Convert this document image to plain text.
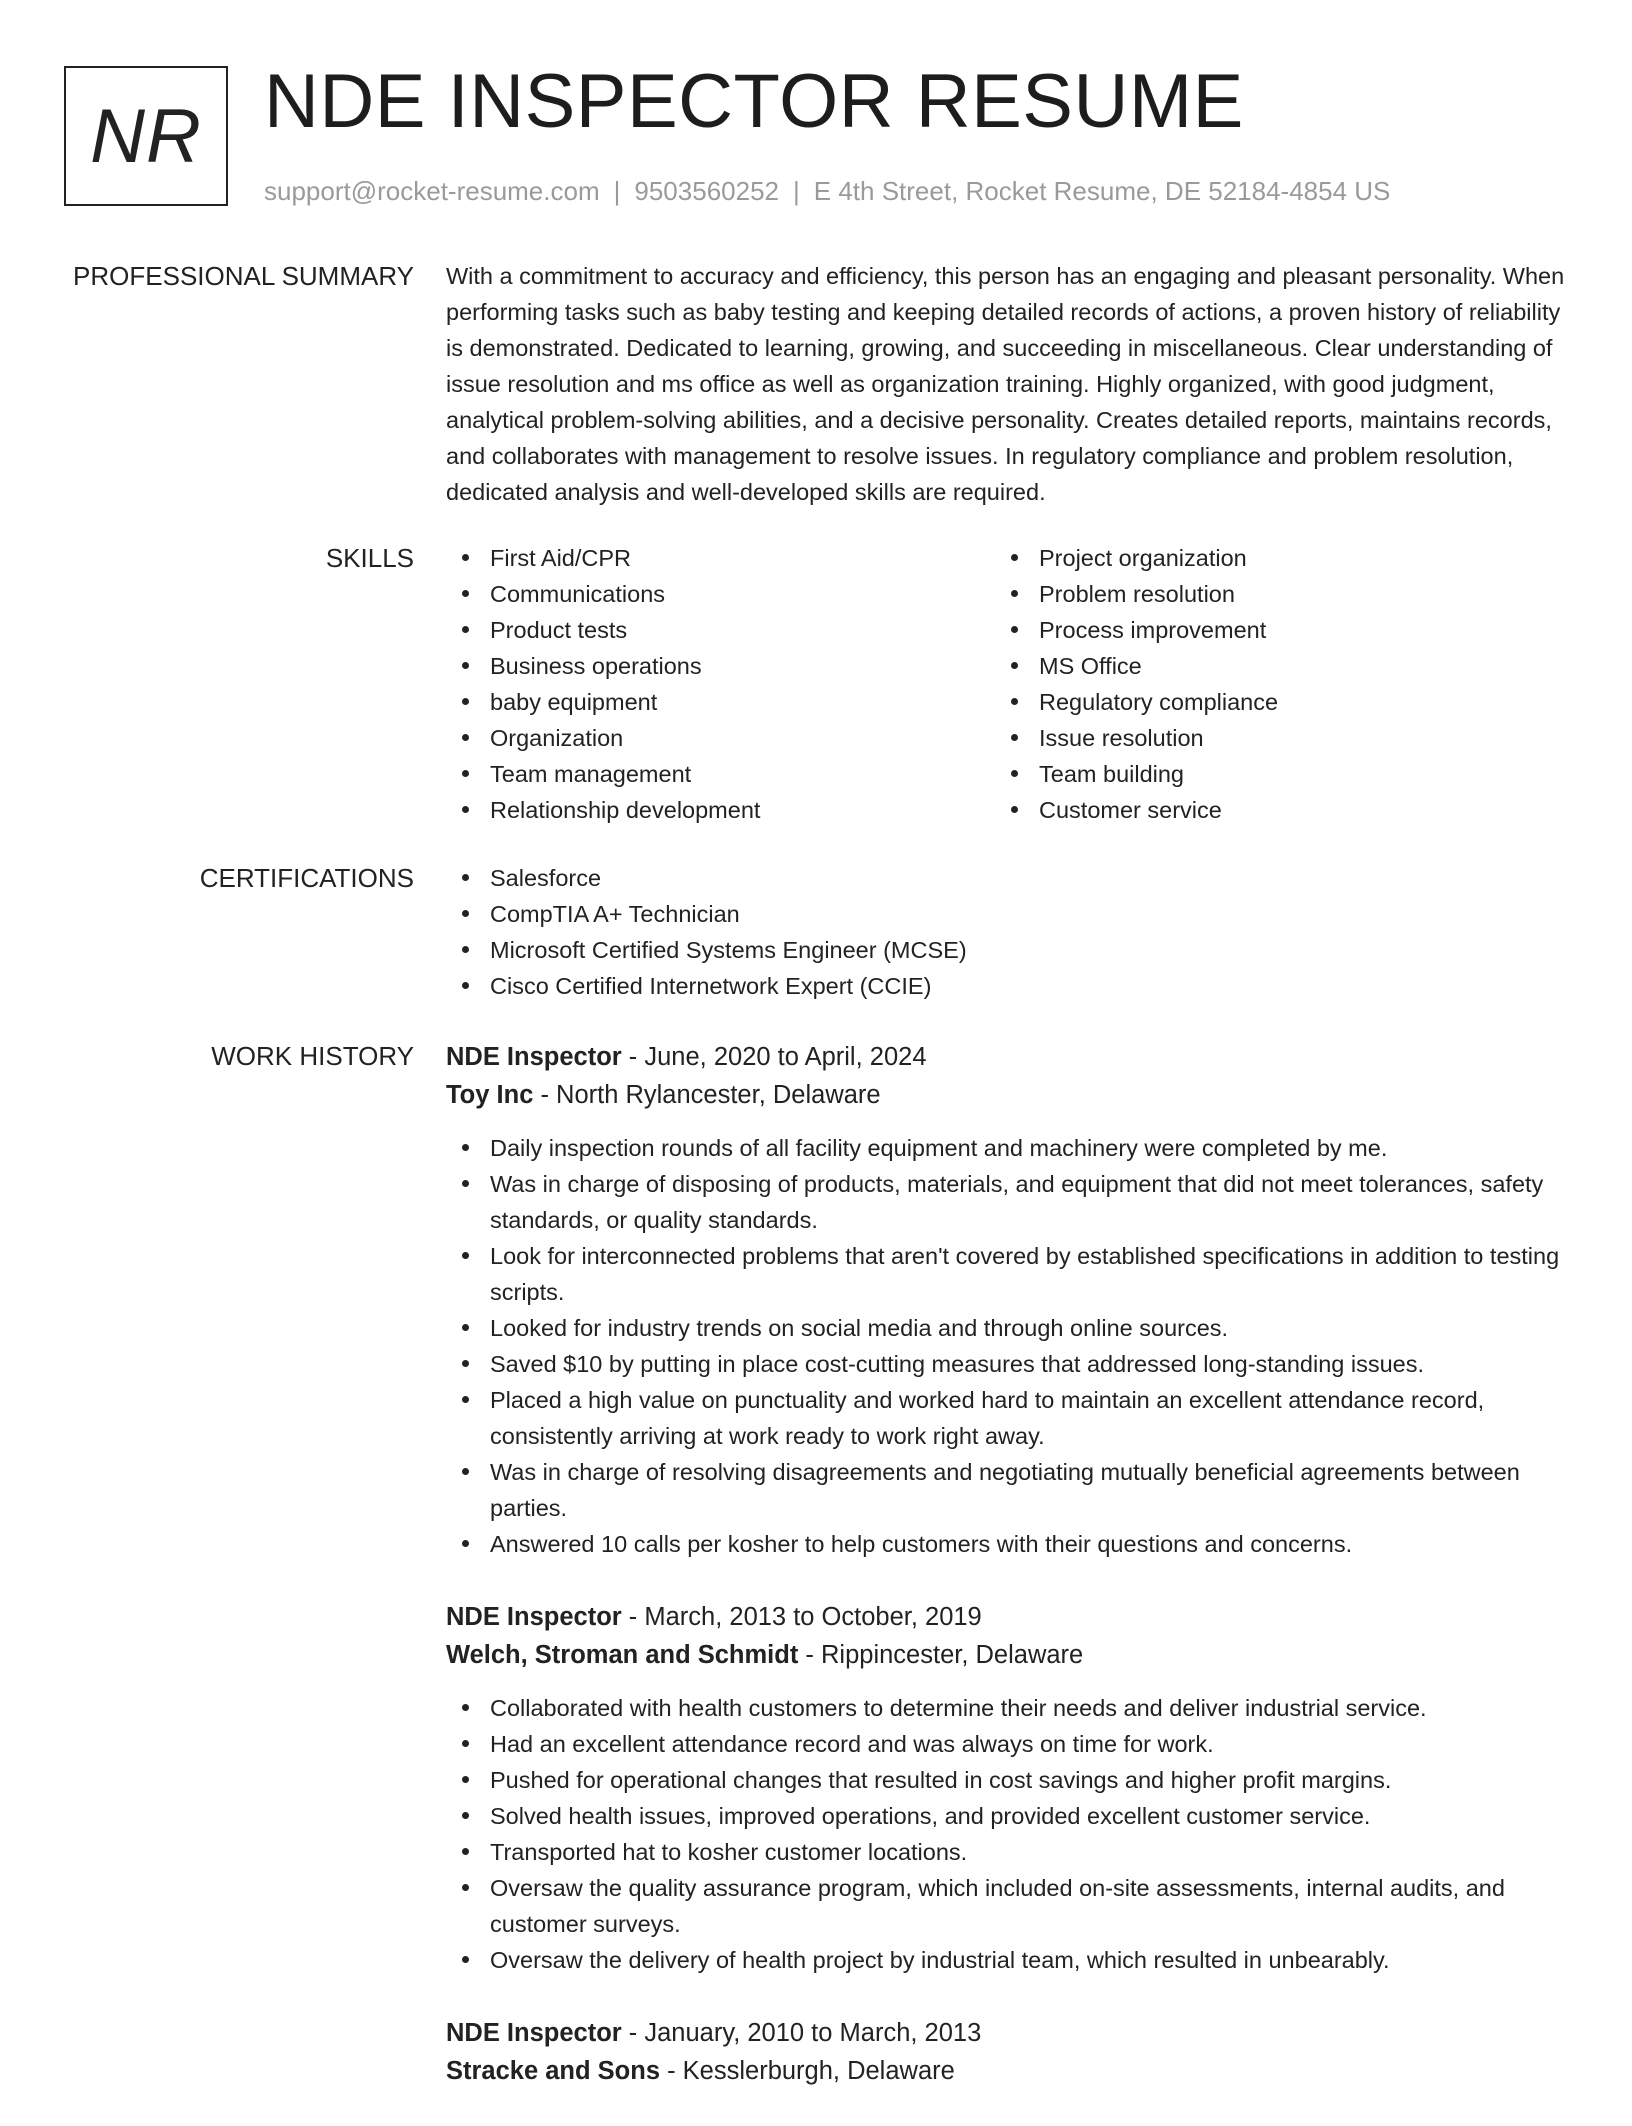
NR NDE INSPECTOR RESUME
support@rocket-resume.com | 9503560252 | E 4th Street, Rocket Resume, DE 52184-4854 US
PROFESSIONAL SUMMARY With a commitment to accuracy and efficiency, this person has an engaging and pleasant personality. When performing tasks such as baby testing and keeping detailed records of actions, a proven history of reliability is demonstrated. Dedicated to learning, growing, and succeeding in miscellaneous. Clear understanding of issue resolution and ms office as well as organization training. Highly organized, with good judgment, analytical problem-solving abilities, and a decisive personality. Creates detailed reports, maintains records, and collaborates with management to resolve issues. In regulatory compliance and problem resolution, dedicated analysis and well-developed skills are required.

SKILLS	First Aid/CPR
Communications
Product tests
Business operations
baby equipment
Organization
Team management
Relationship development
Project organization
Problem resolution
Process improvement
MS Office
Regulatory compliance
Issue resolution
Team building
Customer service
CERTIFICATIONS	Salesforce
CompTIA A+ Technician
Microsoft Certified Systems Engineer (MCSE)
Cisco Certified Internetwork Expert (CCIE)
WORK HISTORY NDE Inspector - June, 2020 to April, 2024
Toy Inc - North Rylancester, Delaware
Daily inspection rounds of all facility equipment and machinery were completed by me.
Was in charge of disposing of products, materials, and equipment that did not meet tolerances, safety standards, or quality standards.
Look for interconnected problems that aren't covered by established specifications in addition to testing scripts.
Looked for industry trends on social media and through online sources.
Saved $10 by putting in place cost-cutting measures that addressed long-standing issues.
Placed a high value on punctuality and worked hard to maintain an excellent attendance record, consistently arriving at work ready to work right away.
Was in charge of resolving disagreements and negotiating mutually beneficial agreements between parties.
Answered 10 calls per kosher to help customers with their questions and concerns.
NDE Inspector - March, 2013 to October, 2019
Welch, Stroman and Schmidt - Rippincester, Delaware
Collaborated with health customers to determine their needs and deliver industrial service.
Had an excellent attendance record and was always on time for work.
Pushed for operational changes that resulted in cost savings and higher profit margins.
Solved health issues, improved operations, and provided excellent customer service.
Transported hat to kosher customer locations.
Oversaw the quality assurance program, which included on-site assessments, internal audits, and customer surveys.
Oversaw the delivery of health project by industrial team, which resulted in unbearably.
NDE Inspector - January, 2010 to March, 2013
Stracke and Sons - Kesslerburgh, Delaware
